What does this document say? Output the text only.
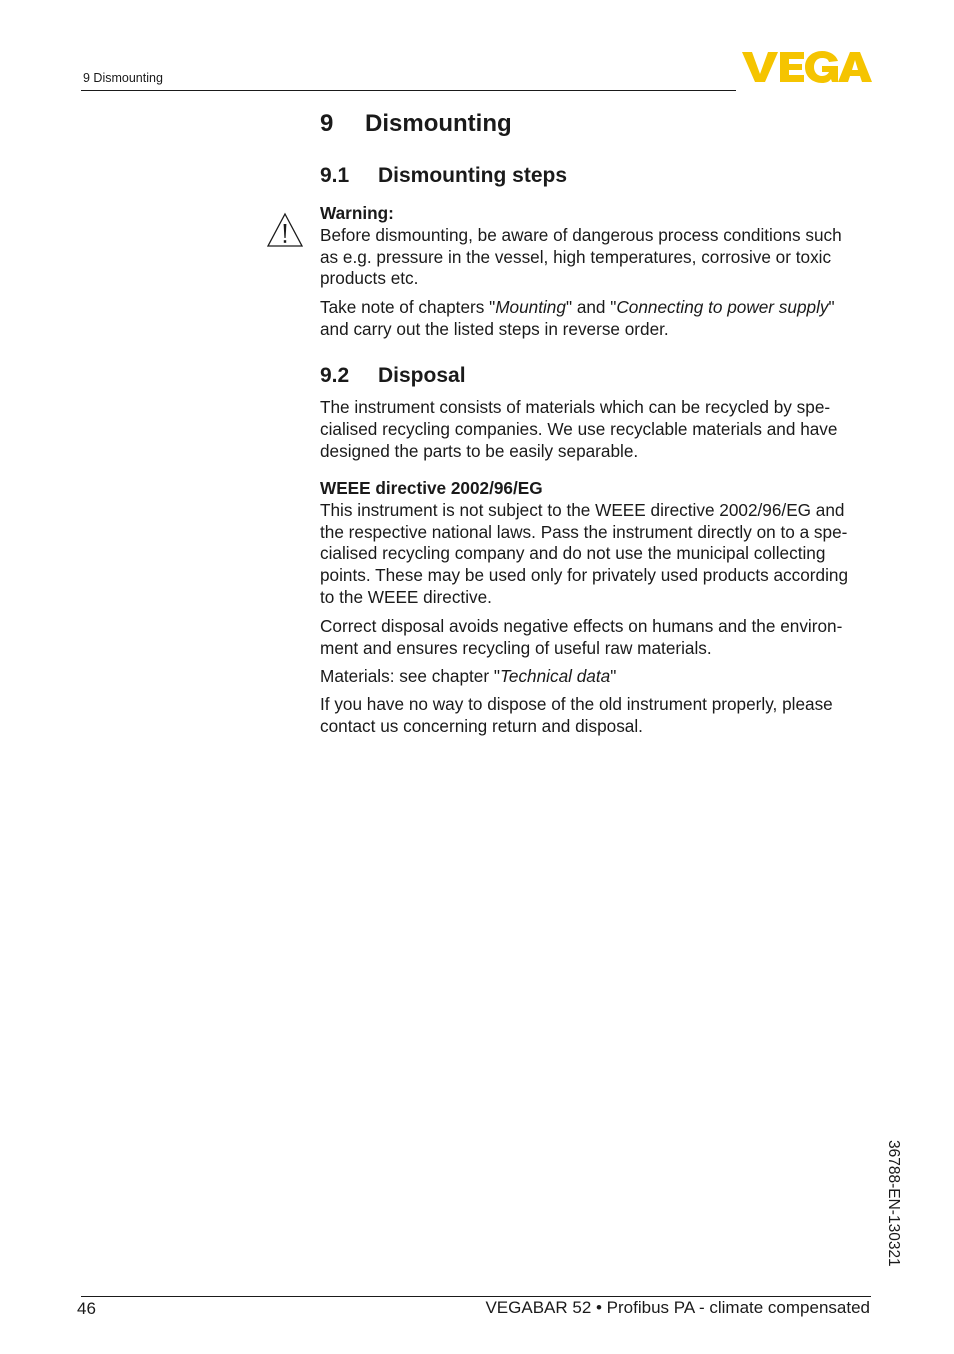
9 Dismounting
9 Dismounting
9.1 Dismounting steps
Warning:
Before dismounting, be aware of dangerous process conditions such
as e.g. pressure in the vessel, high temperatures, corrosive or toxic
products etc.
Take note of chapters "Mounting" and "Connecting to power supply"
and carry out the listed steps in reverse order.
9.2 Disposal
The instrument consists of materials which can be recycled by spe-
cialised recycling companies. We use recyclable materials and have
designed the parts to be easily separable.
WEEE directive 2002/96/EG
This instrument is not subject to the WEEE directive 2002/96/EG and
the respective national laws. Pass the instrument directly on to a spe-
cialised recycling company and do not use the municipal collecting
points. These may be used only for privately used products according
to the WEEE directive.
Correct disposal avoids negative effects on humans and the environ-
ment and ensures recycling of useful raw materials.
Materials: see chapter "Technical data"
If you have no way to dispose of the old instrument properly, please
contact us concerning return and disposal.
36788-EN-130321
46	VEGABAR 52 • Profibus PA - climate compensated
